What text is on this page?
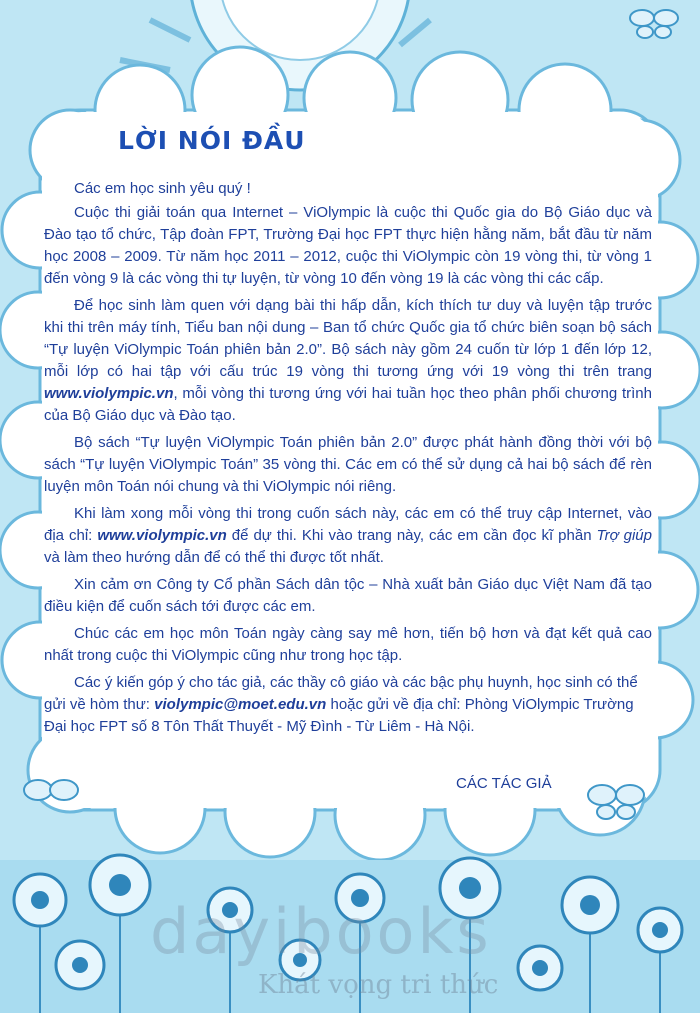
LỜI NÓI ĐẦU

Các em học sinh yêu quý !

Cuộc thi giải toán qua Internet – ViOlympic là cuộc thi Quốc gia do Bộ Giáo dục và Đào tạo tổ chức, Tập đoàn FPT, Trường Đại học FPT thực hiện hằng năm, bắt đầu từ năm học 2008 – 2009. Từ năm học 2011 – 2012, cuộc thi ViOlympic còn 19 vòng thi, từ vòng 1 đến vòng 9 là các vòng thi tự luyện, từ vòng 10 đến vòng 19 là các vòng thi các cấp.

Để học sinh làm quen với dạng bài thi hấp dẫn, kích thích tư duy và luyện tập trước khi thi trên máy tính, Tiểu ban nội dung – Ban tổ chức Quốc gia tổ chức biên soạn bộ sách “Tự luyện ViOlympic Toán phiên bản 2.0”. Bộ sách này gồm 24 cuốn từ lớp 1 đến lớp 12, mỗi lớp có hai tập với cấu trúc 19 vòng thi tương ứng với 19 vòng thi trên trang www.violympic.vn, mỗi vòng thi tương ứng với hai tuần học theo phân phối chương trình của Bộ Giáo dục và Đào tạo.

Bộ sách “Tự luyện ViOlympic Toán phiên bản 2.0” được phát hành đồng thời với bộ sách “Tự luyện ViOlympic Toán” 35 vòng thi. Các em có thể sử dụng cả hai bộ sách để rèn luyện môn Toán nói chung và thi ViOlympic nói riêng.

Khi làm xong mỗi vòng thi trong cuốn sách này, các em có thể truy cập Internet, vào địa chỉ: www.violympic.vn để dự thi. Khi vào trang này, các em cần đọc kĩ phần Trợ giúp và làm theo hướng dẫn để có thể thi được tốt nhất.

Xin cảm ơn Công ty Cổ phần Sách dân tộc – Nhà xuất bản Giáo dục Việt Nam đã tạo điều kiện để cuốn sách tới được các em.

Chúc các em học môn Toán ngày càng say mê hơn, tiến bộ hơn và đạt kết quả cao nhất trong cuộc thi ViOlympic cũng như trong học tập.

Các ý kiến góp ý cho tác giả, các thầy cô giáo và các bậc phụ huynh, học sinh có thể gửi về hòm thư: violympic@moet.edu.vn hoặc gửi về địa chỉ: Phòng ViOlympic Trường Đại học FPT số 8 Tôn Thất Thuyết - Mỹ Đình - Từ Liêm - Hà Nội.

CÁC TÁC GIẢ
dayibooks
Khát vọng tri thức
